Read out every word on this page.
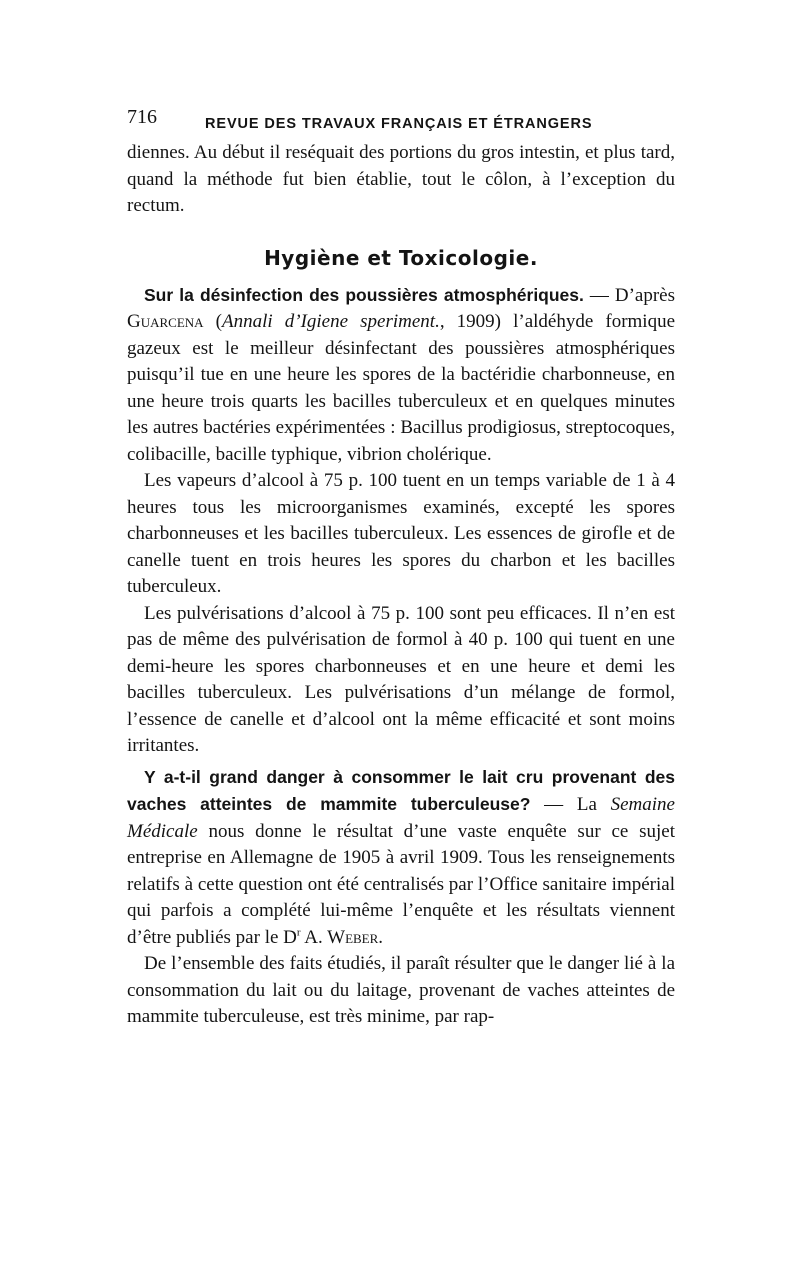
716	REVUE DES TRAVAUX FRANÇAIS ET ÉTRANGERS

diennes. Au début il reséquait des portions du gros intestin, et plus tard, quand la méthode fut bien établie, tout le côlon, à l’exception du rectum.

Hygiène et Toxicologie.

Sur la désinfection des poussières atmosphériques. — D’après Guarcena (Annali d’Igiene speriment., 1909) l’aldéhyde formique gazeux est le meilleur désinfectant des poussières atmosphériques puisqu’il tue en une heure les spores de la bactéridie charbonneuse, en une heure trois quarts les bacilles tuberculeux et en quelques minutes les autres bactéries expérimentées : Bacillus prodigiosus, streptocoques, colibacille, bacille typhique, vibrion cholérique.

Les vapeurs d’alcool à 75 p. 100 tuent en un temps variable de 1 à 4 heures tous les microorganismes examinés, excepté les spores charbonneuses et les bacilles tuberculeux. Les essences de girofle et de canelle tuent en trois heures les spores du charbon et les bacilles tuberculeux.

Les pulvérisations d’alcool à 75 p. 100 sont peu efficaces. Il n’en est pas de même des pulvérisation de formol à 40 p. 100 qui tuent en une demi-heure les spores charbonneuses et en une heure et demi les bacilles tuberculeux. Les pulvérisations d’un mélange de formol, l’essence de canelle et d’alcool ont la même efficacité et sont moins irritantes.

Y a-t-il grand danger à consommer le lait cru provenant des vaches atteintes de mammite tuberculeuse? — La Semaine Médicale nous donne le résultat d’une vaste enquête sur ce sujet entreprise en Allemagne de 1905 à avril 1909. Tous les renseignements relatifs à cette question ont été centralisés par l’Office sanitaire impérial qui parfois a complété lui-même l’enquête et les résultats viennent d’être publiés par le $D^r$ A. Weber.

De l’ensemble des faits étudiés, il paraît résulter que le danger lié à la consommation du lait ou du laitage, provenant de vaches atteintes de mammite tuberculeuse, est très minime, par rap-
